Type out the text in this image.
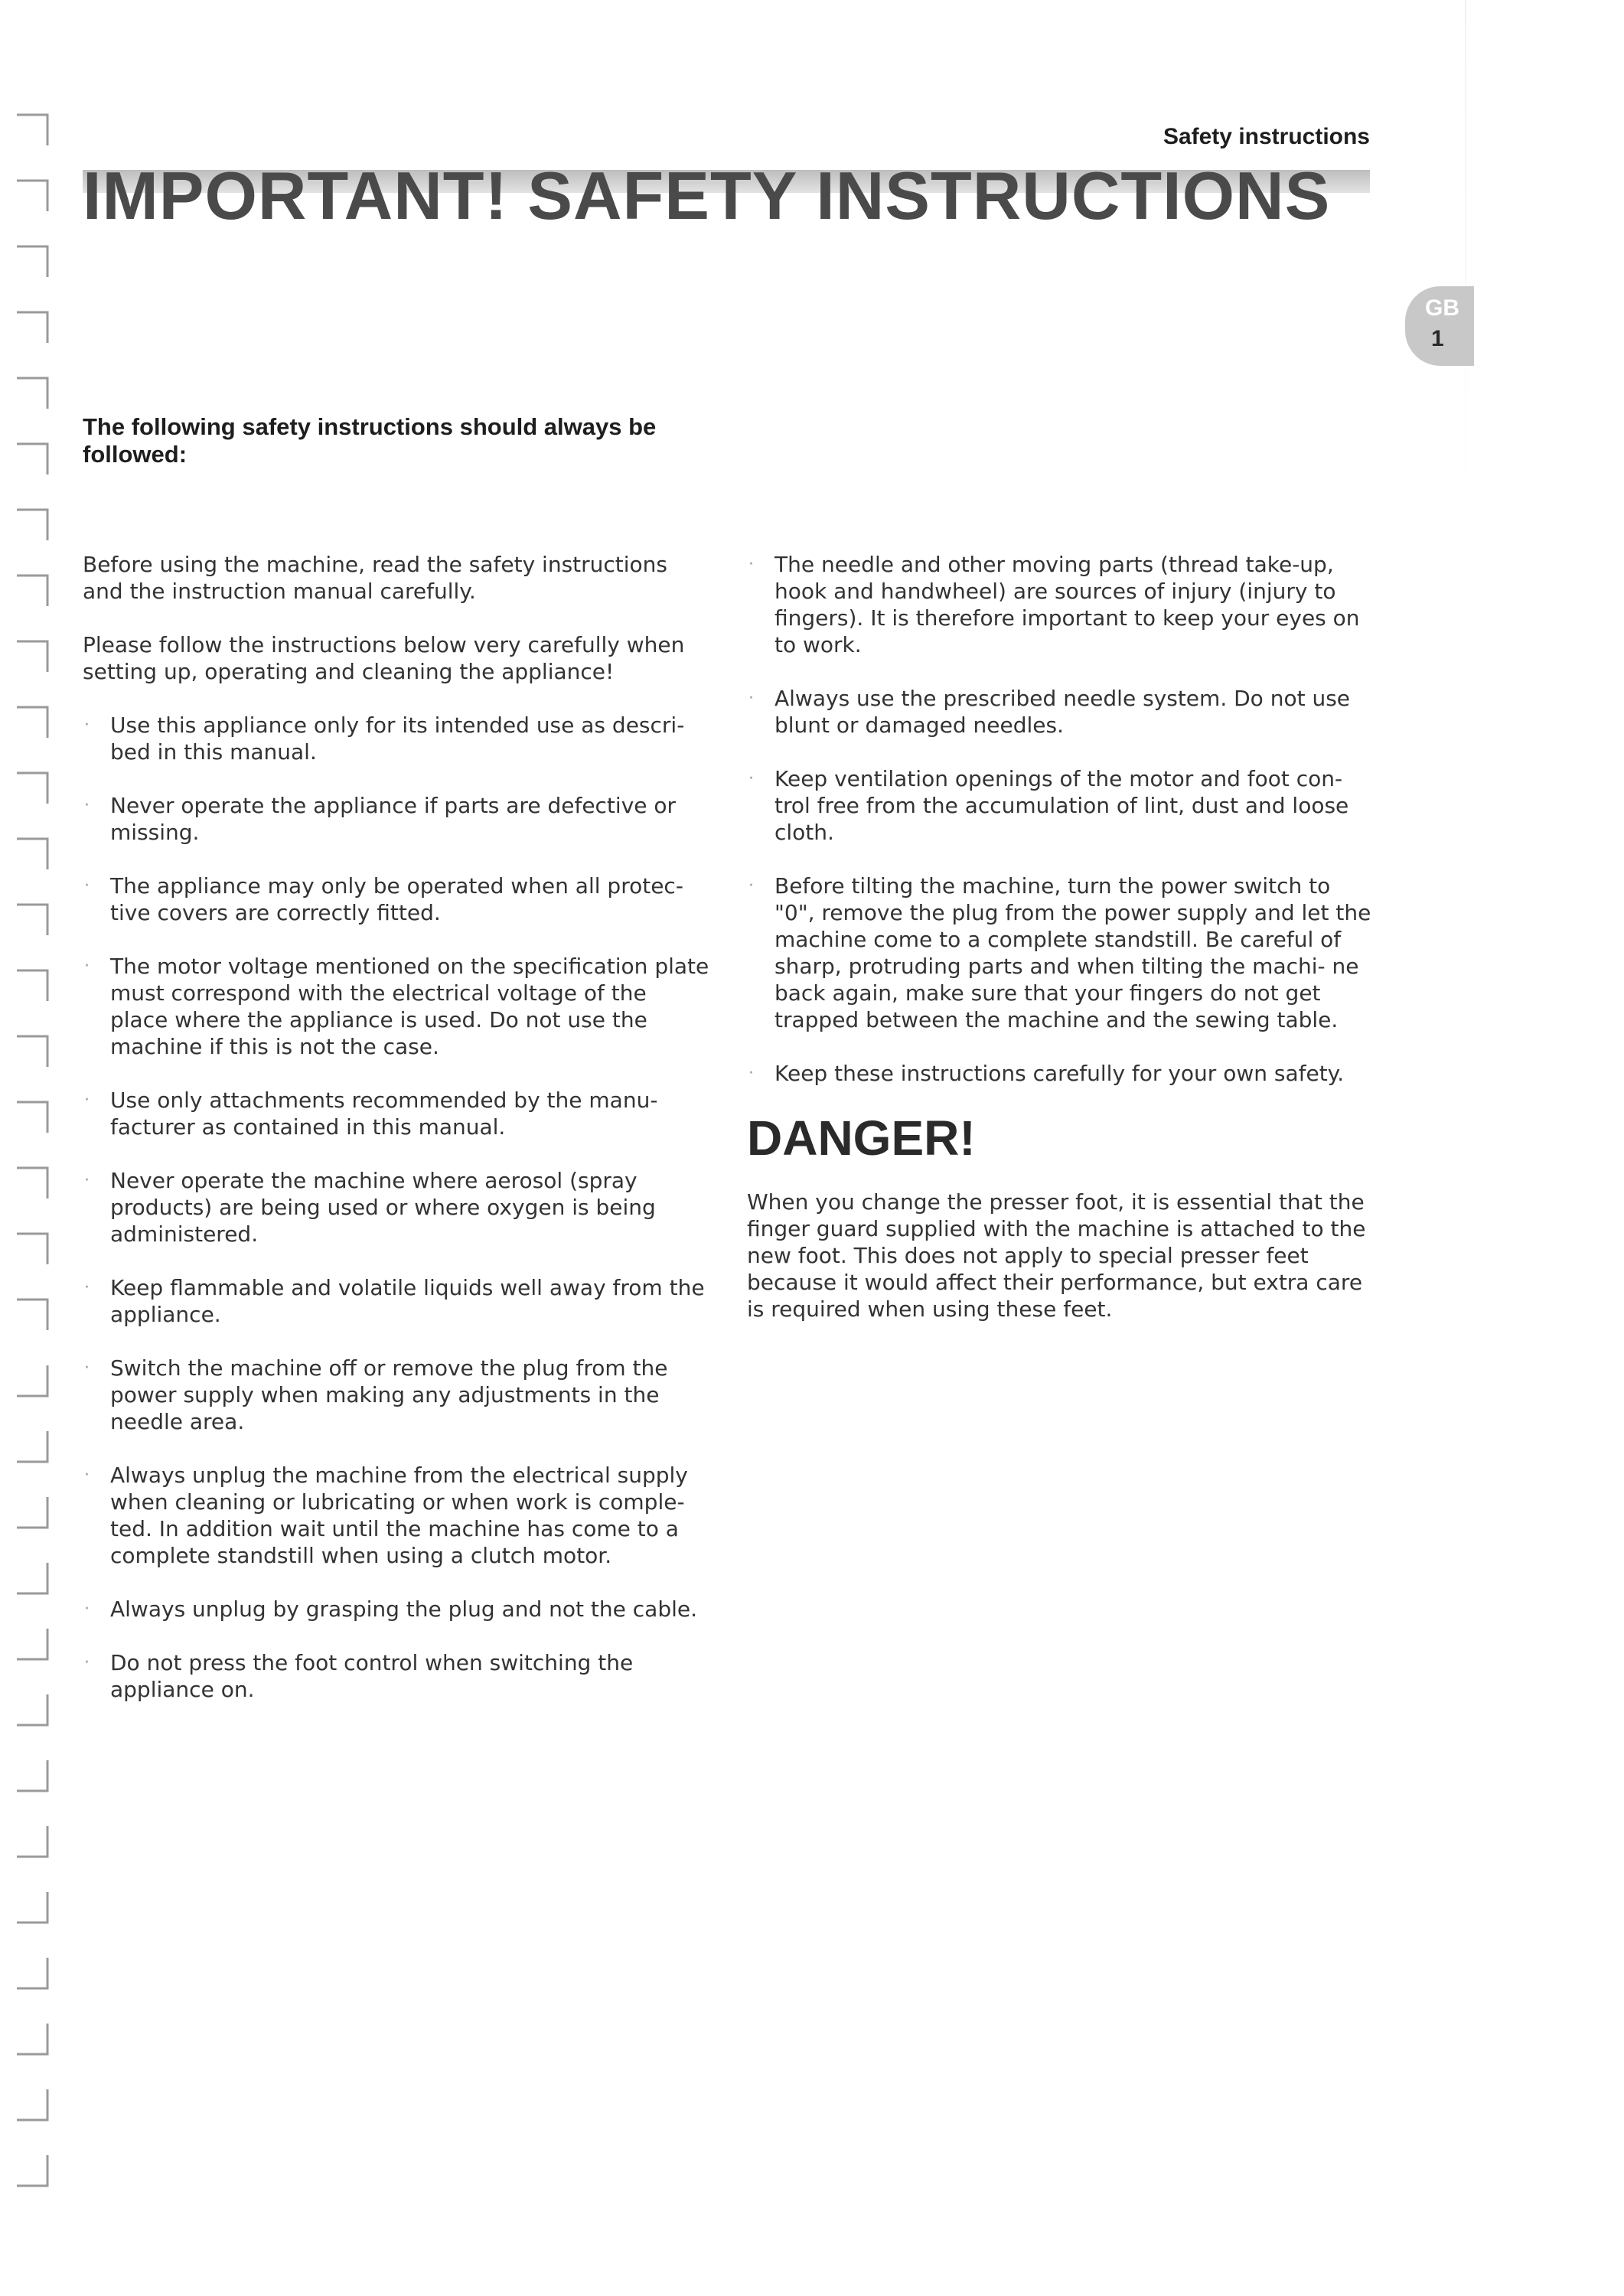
Safety instructions
IMPORTANT! SAFETY INSTRUCTIONS
GB
1
The following safety instructions should always be followed:

Before using the machine, read the safety instructions and the instruction manual carefully.

Please follow the instructions below very carefully when setting up, operating and cleaning the appliance!

· Use this appliance only for its intended use as descri- bed in this manual.
· Never operate the appliance if parts are defective or missing.
· The appliance may only be operated when all protec- tive covers are correctly fitted.
· The motor voltage mentioned on the specification plate must correspond with the electrical voltage of the place where the appliance is used. Do not use the machine if this is not the case.
· Use only attachments recommended by the manu- facturer as contained in this manual.
· Never operate the machine where aerosol (spray products) are being used or where oxygen is being administered.
· Keep flammable and volatile liquids well away from the appliance.
· Switch the machine off or remove the plug from the power supply when making any adjustments in the needle area.
· Always unplug the machine from the electrical supply when cleaning or lubricating or when work is comple- ted. In addition wait until the machine has come to a complete standstill when using a clutch motor.
· Always unplug by grasping the plug and not the cable.
· Do not press the foot control when switching the appliance on.
· The needle and other moving parts (thread take-up, hook and handwheel) are sources of injury (injury to fingers). It is therefore important to keep your eyes on to work.
· Always use the prescribed needle system. Do not use blunt or damaged needles.
· Keep ventilation openings of the motor and foot con- trol free from the accumulation of lint, dust and loose cloth.
· Before tilting the machine, turn the power switch to "0", remove the plug from the power supply and let the machine come to a complete standstill. Be careful of sharp, protruding parts and when tilting the machi- ne back again, make sure that your fingers do not get trapped between the machine and the sewing table.
· Keep these instructions carefully for your own safety.
DANGER!

When you change the presser foot, it is essential that the finger guard supplied with the machine is attached to the new foot. This does not apply to special presser feet because it would affect their performance, but extra care is required when using these feet.
